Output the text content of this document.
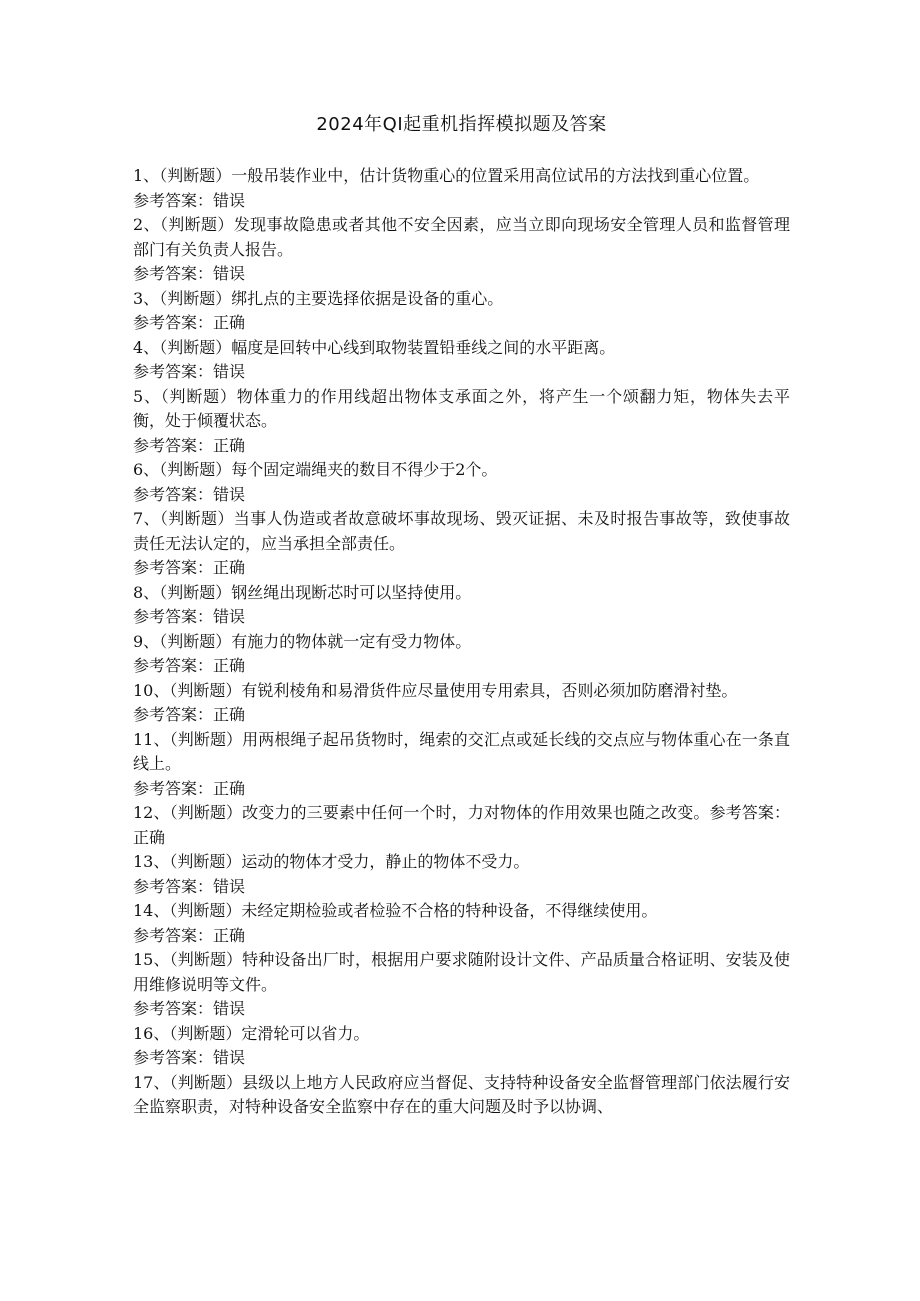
2024年QI起重机指挥模拟题及答案

1、（判断题）一般吊装作业中，估计货物重心的位置采用高位试吊的方法找到重心位置。

参考答案：错误

2、（判断题）发现事故隐患或者其他不安全因素，应当立即向现场安全管理人员和监督管理部门有关负责人报告。

参考答案：错误

3、（判断题）绑扎点的主要选择依据是设备的重心。

参考答案：正确

4、（判断题）幅度是回转中心线到取物装置铅垂线之间的水平距离。

参考答案：错误

5、（判断题）物体重力的作用线超出物体支承面之外，将产生一个颂翻力矩，物体失去平衡，处于倾覆状态。

参考答案：正确

6、（判断题）每个固定端绳夹的数目不得少于2个。

参考答案：错误

7、（判断题）当事人伪造或者故意破坏事故现场、毁灭证据、未及时报告事故等，致使事故责任无法认定的，应当承担全部责任。

参考答案：正确

8、（判断题）钢丝绳出现断芯时可以坚持使用。

参考答案：错误

9、（判断题）有施力的物体就一定有受力物体。

参考答案：正确

10、（判断题）有锐利棱角和易滑货件应尽量使用专用索具，否则必须加防磨滑衬垫。

参考答案：正确

11、（判断题）用两根绳子起吊货物时，绳索的交汇点或延长线的交点应与物体重心在一条直线上。

参考答案：正确

12、（判断题）改变力的三要素中任何一个时，力对物体的作用效果也随之改变。参考答案：正确

13、（判断题）运动的物体才受力，静止的物体不受力。

参考答案：错误

14、（判断题）未经定期检验或者检验不合格的特种设备，不得继续使用。

参考答案：正确

15、（判断题）特种设备出厂时，根据用户要求随附设计文件、产品质量合格证明、安装及使用维修说明等文件。

参考答案：错误

16、（判断题）定滑轮可以省力。

参考答案：错误

17、（判断题）县级以上地方人民政府应当督促、支持特种设备安全监督管理部门依法履行安全监察职责，对特种设备安全监察中存在的重大问题及时予以协调、
